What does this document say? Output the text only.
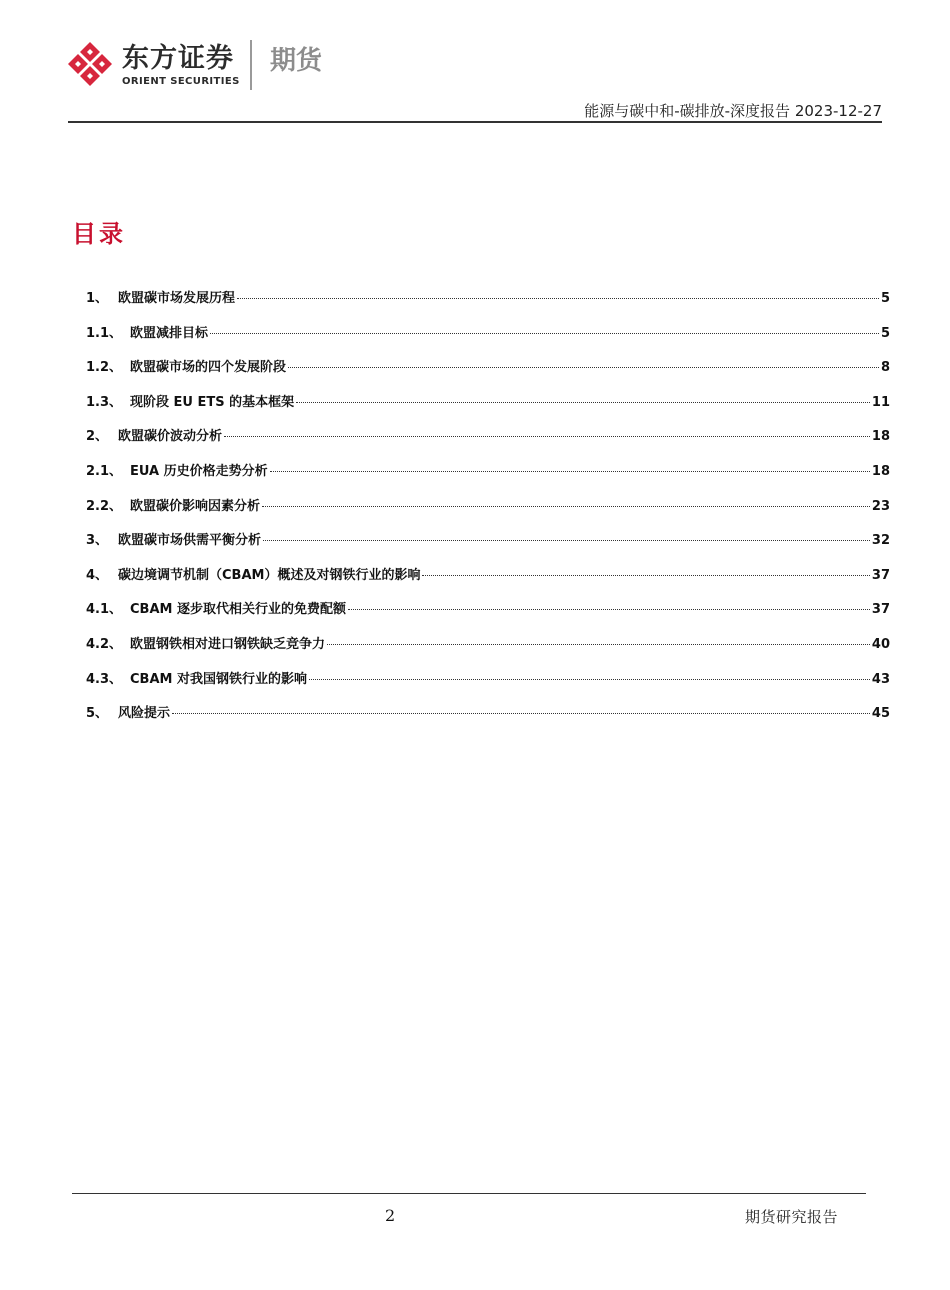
东方证券
ORIENT SECURITIES
期货
能源与碳中和-碳排放-深度报告 2023-12-27
目录
1、 欧盟碳市场发展历程	5
1.1、 欧盟减排目标	5
1.2、 欧盟碳市场的四个发展阶段	8
1.3、 现阶段 EU ETS 的基本框架	11
2、 欧盟碳价波动分析	18
2.1、 EUA 历史价格走势分析	18
2.2、 欧盟碳价影响因素分析	23
3、 欧盟碳市场供需平衡分析	32
4、 碳边境调节机制（CBAM）概述及对钢铁行业的影响	37
4.1、 CBAM 逐步取代相关行业的免费配额	37
4.2、 欧盟钢铁相对进口钢铁缺乏竞争力	40
4.3、 CBAM 对我国钢铁行业的影响	43
5、 风险提示	45
2	期货研究报告
